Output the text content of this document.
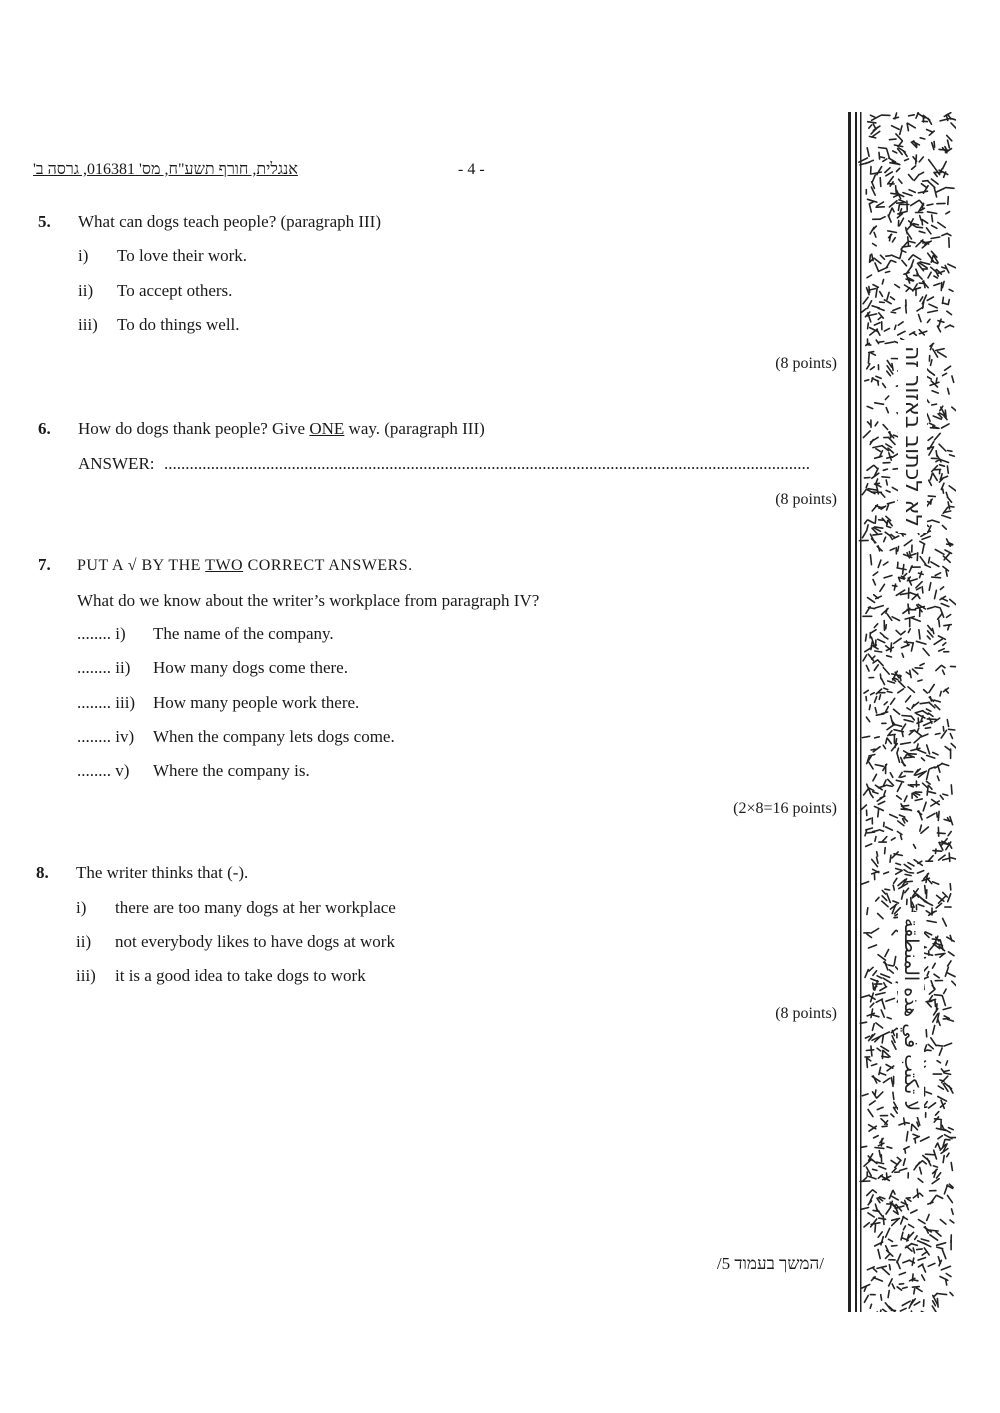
אנגלית, חורף תשע"ח, מס' 016381, גרסה ב'	- 4 -
5. What can dogs teach people? (paragraph III)
i) To love their work.
ii) To accept others.
iii) To do things well.
(8 points)
6. How do dogs thank people? Give ONE way. (paragraph III)
ANSWER: ........................................................................................................................................................
(8 points)
7. PUT A √ BY THE TWO CORRECT ANSWERS.
What do we know about the writer’s workplace from paragraph IV?
........ i) The name of the company.
........ ii) How many dogs come there.
........ iii) How many people work there.
........ iv) When the company lets dogs come.
........ v) Where the company is.
(2×8=16 points)
8. The writer thinks that (-).
i) there are too many dogs at her workplace
ii) not everybody likes to have dogs at work
iii) it is a good idea to take dogs to work
(8 points)
לא לכתוב באזור זה
لا تكتب في هذه المنطقة
/המשך בעמוד 5/
